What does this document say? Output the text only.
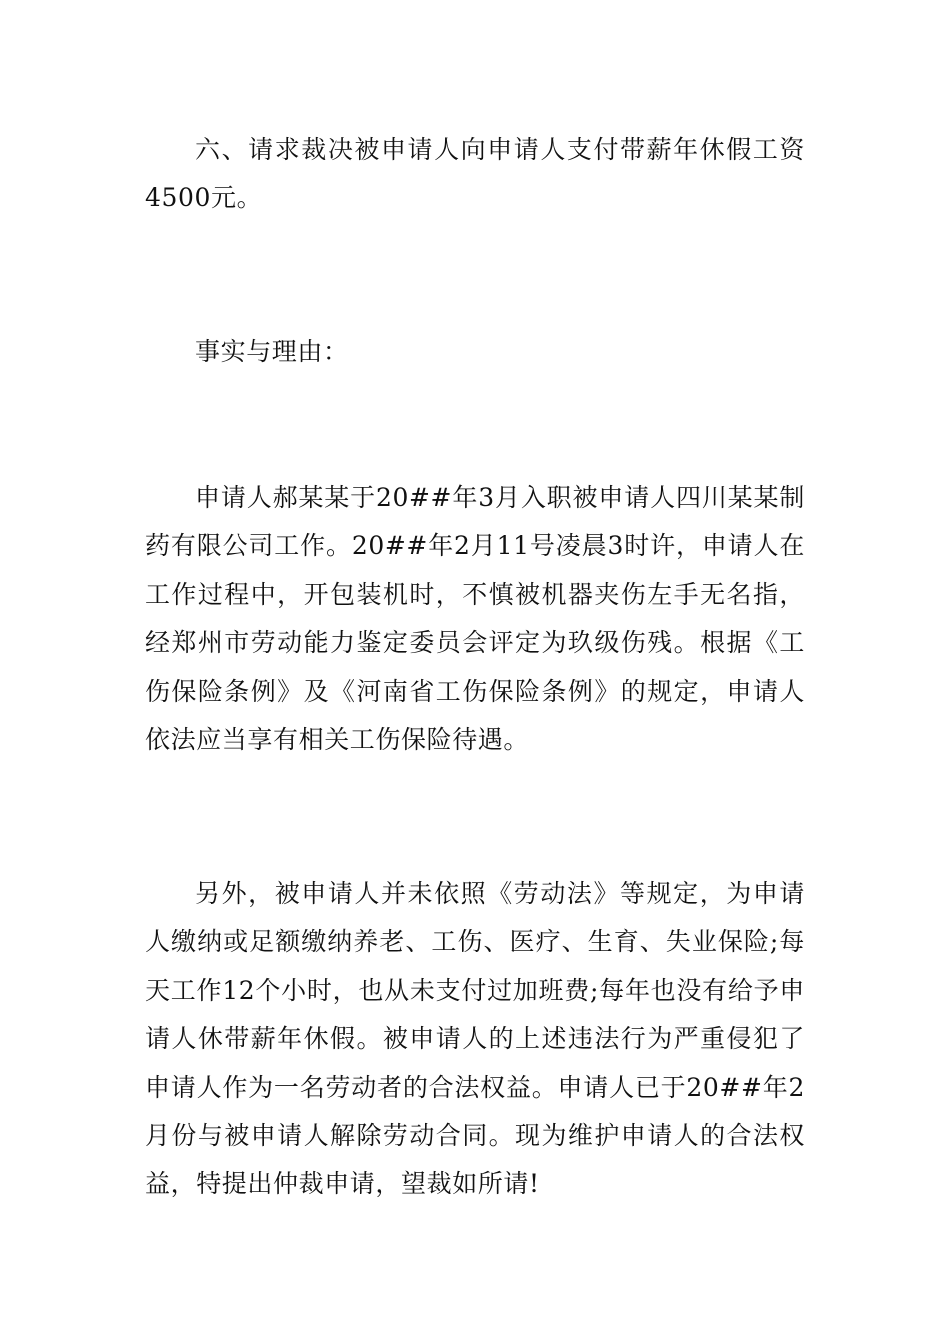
六、请求裁决被申请人向申请人支付带薪年休假工资4500元。

事实与理由：

申请人郝某某于20##年3月入职被申请人四川某某制药有限公司工作。20##年2月11号凌晨3时许，申请人在工作过程中，开包装机时，不慎被机器夹伤左手无名指，经郑州市劳动能力鉴定委员会评定为玖级伤残。根据《工伤保险条例》及《河南省工伤保险条例》的规定，申请人依法应当享有相关工伤保险待遇。

另外，被申请人并未依照《劳动法》等规定，为申请人缴纳或足额缴纳养老、工伤、医疗、生育、失业保险;每天工作12个小时，也从未支付过加班费;每年也没有给予申请人休带薪年休假。被申请人的上述违法行为严重侵犯了申请人作为一名劳动者的合法权益。申请人已于20##年2月份与被申请人解除劳动合同。现为维护申请人的合法权益，特提出仲裁申请，望裁如所请!
